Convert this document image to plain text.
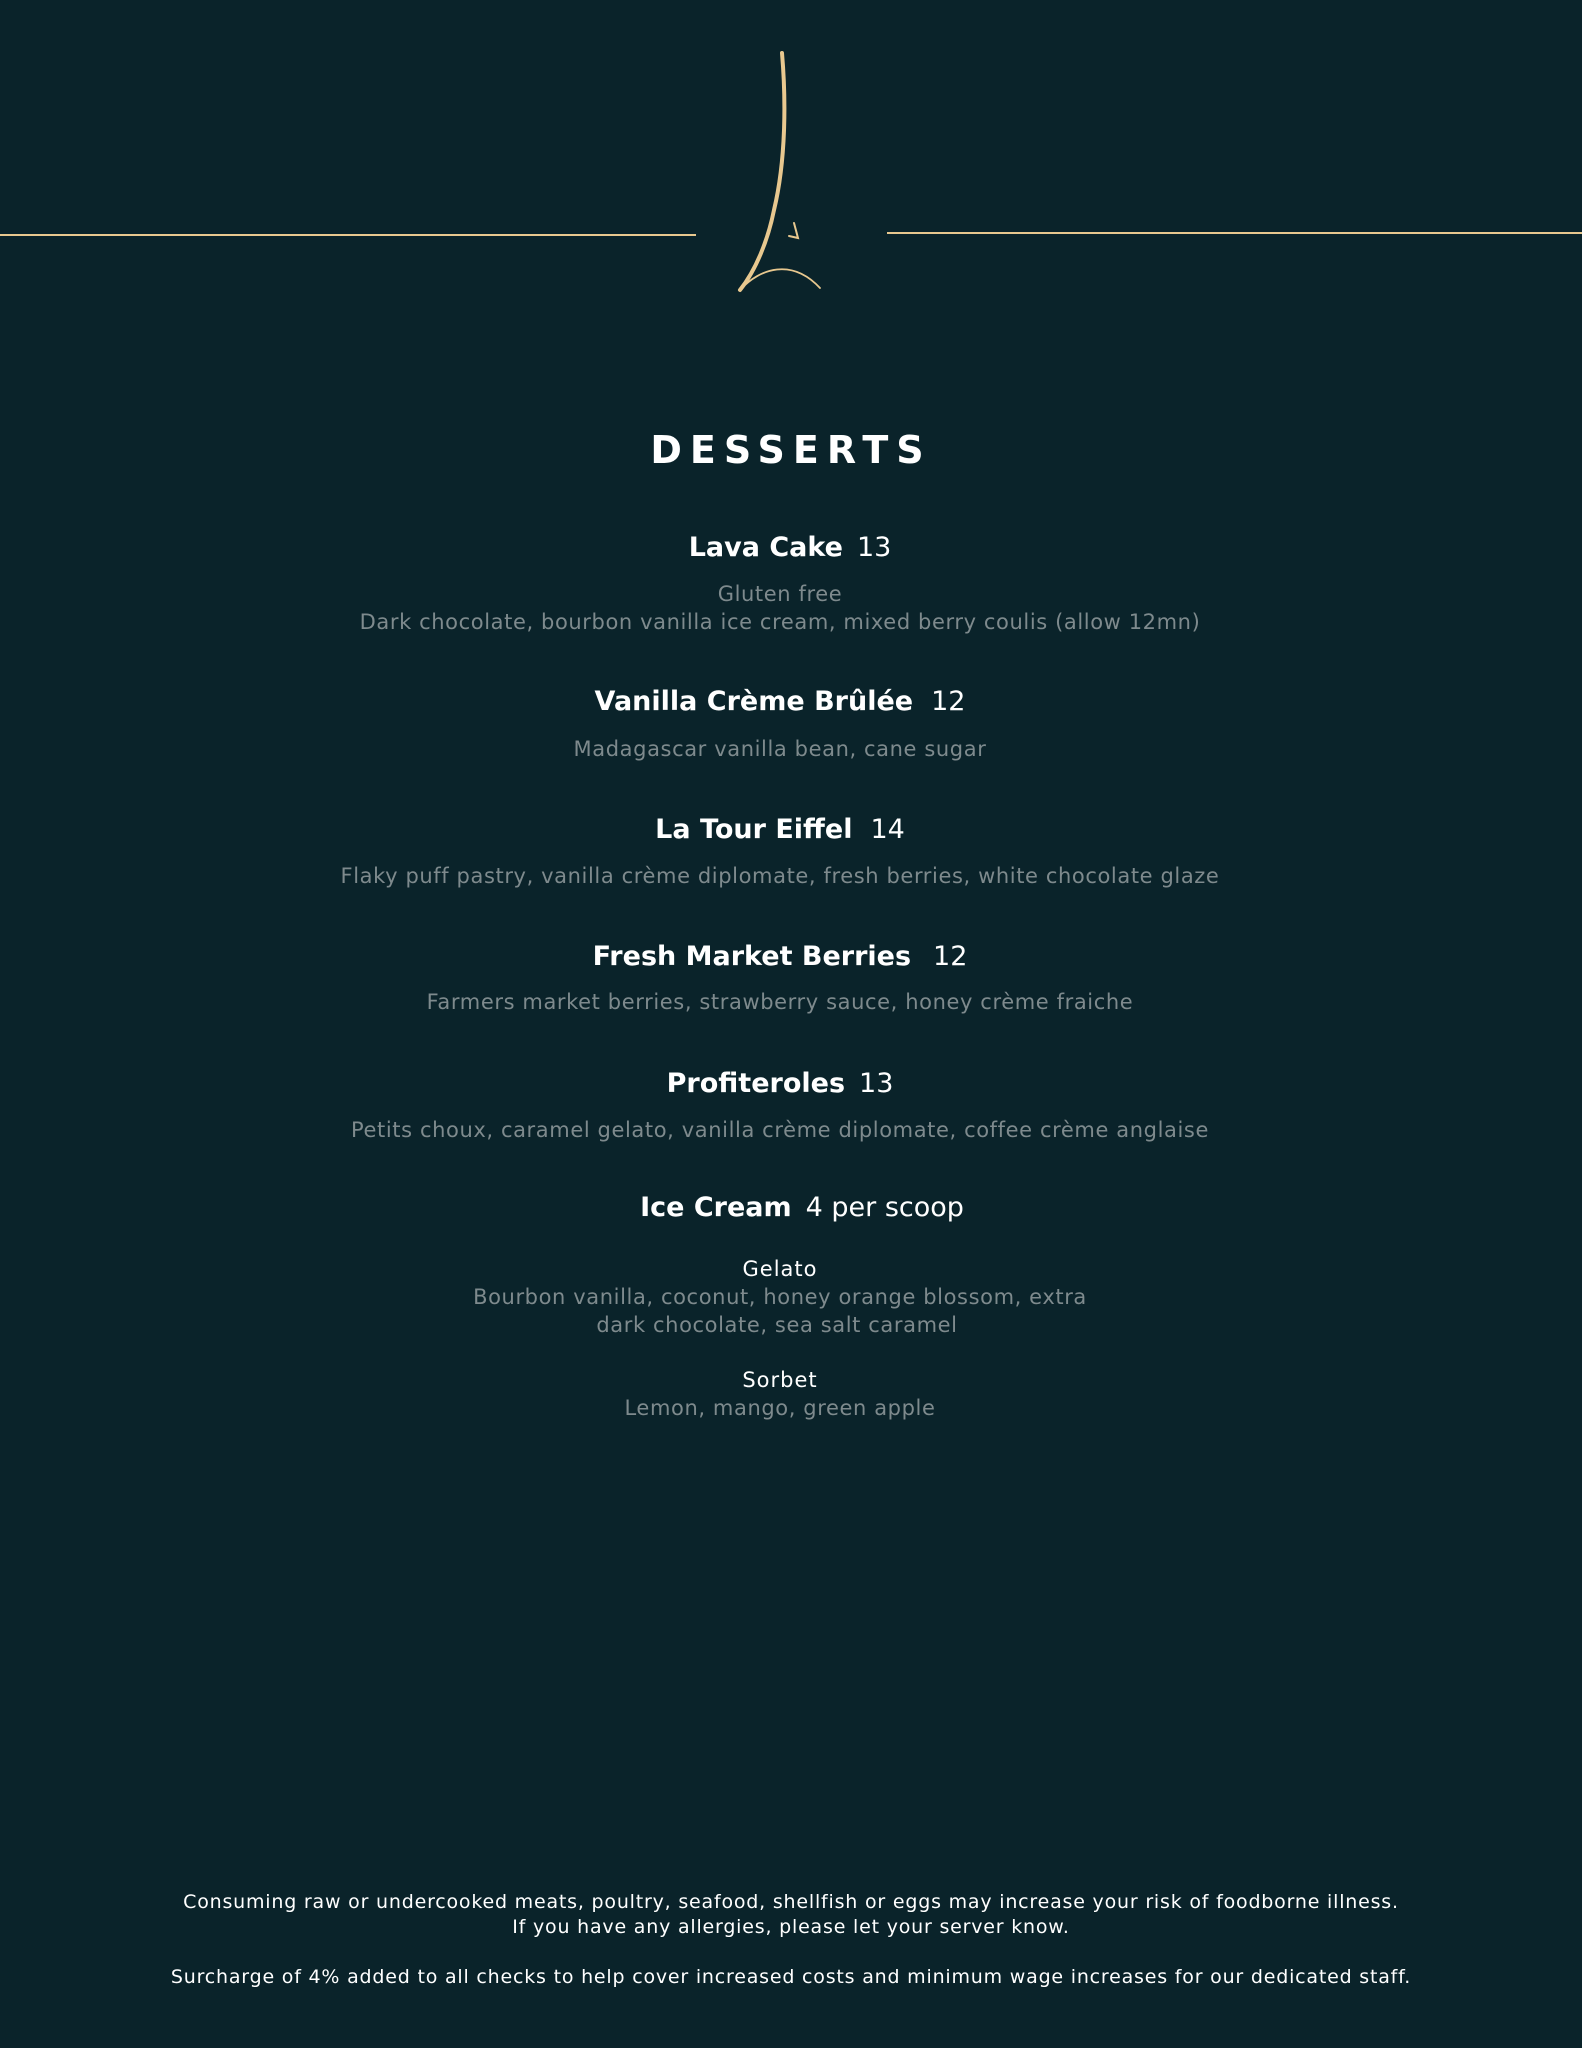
DESSERTS
Lava Cake 13
Gluten free
Dark chocolate, bourbon vanilla ice cream, mixed berry coulis (allow 12mn)
Vanilla Crème Brûlée 12
Madagascar vanilla bean, cane sugar
La Tour Eiffel 14
Flaky puff pastry, vanilla crème diplomate, fresh berries, white chocolate glaze
Fresh Market Berries 12
Farmers market berries, strawberry sauce, honey crème fraiche
Profiteroles 13
Petits choux, caramel gelato, vanilla crème diplomate, coffee crème anglaise
Ice Cream 4 per scoop
Gelato
Bourbon vanilla, coconut, honey orange blossom, extra
dark chocolate, sea salt caramel
Sorbet
Lemon, mango, green apple
Consuming raw or undercooked meats, poultry, seafood, shellfish or eggs may increase your risk of foodborne illness.
If you have any allergies, please let your server know.
Surcharge of 4% added to all checks to help cover increased costs and minimum wage increases for our dedicated staff.
